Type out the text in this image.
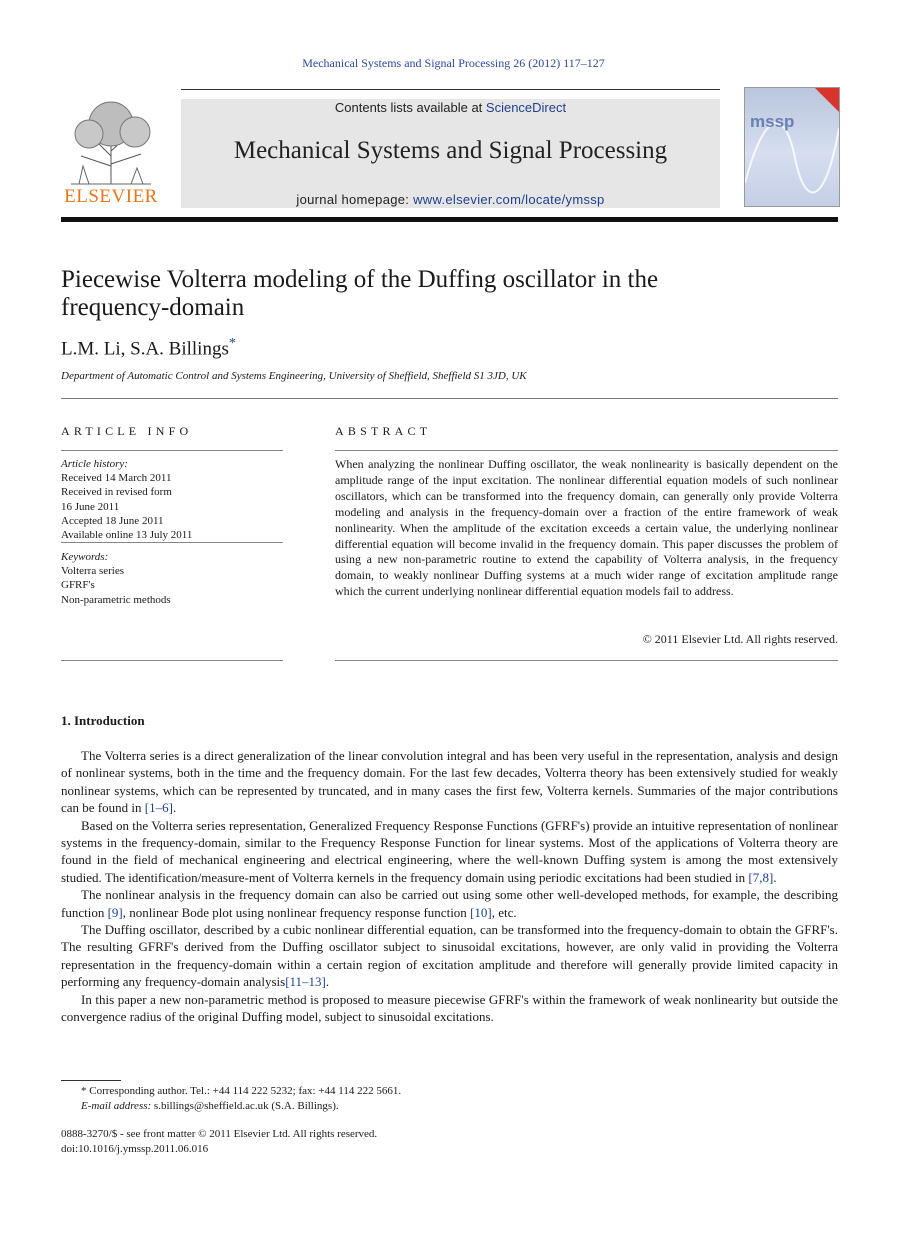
Mechanical Systems and Signal Processing 26 (2012) 117–127
ELSEVIER
Contents lists available at ScienceDirect
Mechanical Systems and Signal Processing
journal homepage: www.elsevier.com/locate/ymssp
mssp
Piecewise Volterra modeling of the Duffing oscillator in the frequency-domain
L.M. Li, S.A. Billings*
Department of Automatic Control and Systems Engineering, University of Sheffield, Sheffield S1 3JD, UK
ARTICLE INFO	ABSTRACT
Article history:
Received 14 March 2011
Received in revised form
16 June 2011
Accepted 18 June 2011
Available online 13 July 2011
Keywords:
Volterra series
GFRF's
Non-parametric methods
When analyzing the nonlinear Duffing oscillator, the weak nonlinearity is basically dependent on the amplitude range of the input excitation. The nonlinear differential equation models of such nonlinear oscillators, which can be transformed into the frequency domain, can generally only provide Volterra modeling and analysis in the frequency-domain over a fraction of the entire framework of weak nonlinearity. When the amplitude of the excitation exceeds a certain value, the underlying nonlinear differential equation will become invalid in the frequency domain. This paper discusses the problem of using a new non-parametric routine to extend the capability of Volterra analysis, in the frequency domain, to weakly nonlinear Duffing systems at a much wider range of excitation amplitude range which the current underlying nonlinear differential equation models fail to address.
© 2011 Elsevier Ltd. All rights reserved.
1. Introduction

The Volterra series is a direct generalization of the linear convolution integral and has been very useful in the representation, analysis and design of nonlinear systems, both in the time and the frequency domain. For the last few decades, Volterra theory has been extensively studied for weakly nonlinear systems, which can be represented by truncated, and in many cases the first few, Volterra kernels. Summaries of the major contributions can be found in [1–6].

Based on the Volterra series representation, Generalized Frequency Response Functions (GFRF's) provide an intuitive representation of nonlinear systems in the frequency-domain, similar to the Frequency Response Function for linear systems. Most of the applications of Volterra theory are found in the field of mechanical engineering and electrical engineering, where the well-known Duffing system is among the most extensively studied. The identification/measure-ment of Volterra kernels in the frequency domain using periodic excitations had been studied in [7,8].

The nonlinear analysis in the frequency domain can also be carried out using some other well-developed methods, for example, the describing function [9], nonlinear Bode plot using nonlinear frequency response function [10], etc.

The Duffing oscillator, described by a cubic nonlinear differential equation, can be transformed into the frequency-domain to obtain the GFRF's. The resulting GFRF's derived from the Duffing oscillator subject to sinusoidal excitations, however, are only valid in providing the Volterra representation in the frequency-domain within a certain region of excitation amplitude and therefore will generally provide limited capacity in performing any frequency-domain analysis[11–13].

In this paper a new non-parametric method is proposed to measure piecewise GFRF's within the framework of weak nonlinearity but outside the convergence radius of the original Duffing model, subject to sinusoidal excitations.

* Corresponding author. Tel.: +44 114 222 5232; fax: +44 114 222 5661.
E-mail address: s.billings@sheffield.ac.uk (S.A. Billings).
0888-3270/$ - see front matter © 2011 Elsevier Ltd. All rights reserved.
doi:10.1016/j.ymssp.2011.06.016
